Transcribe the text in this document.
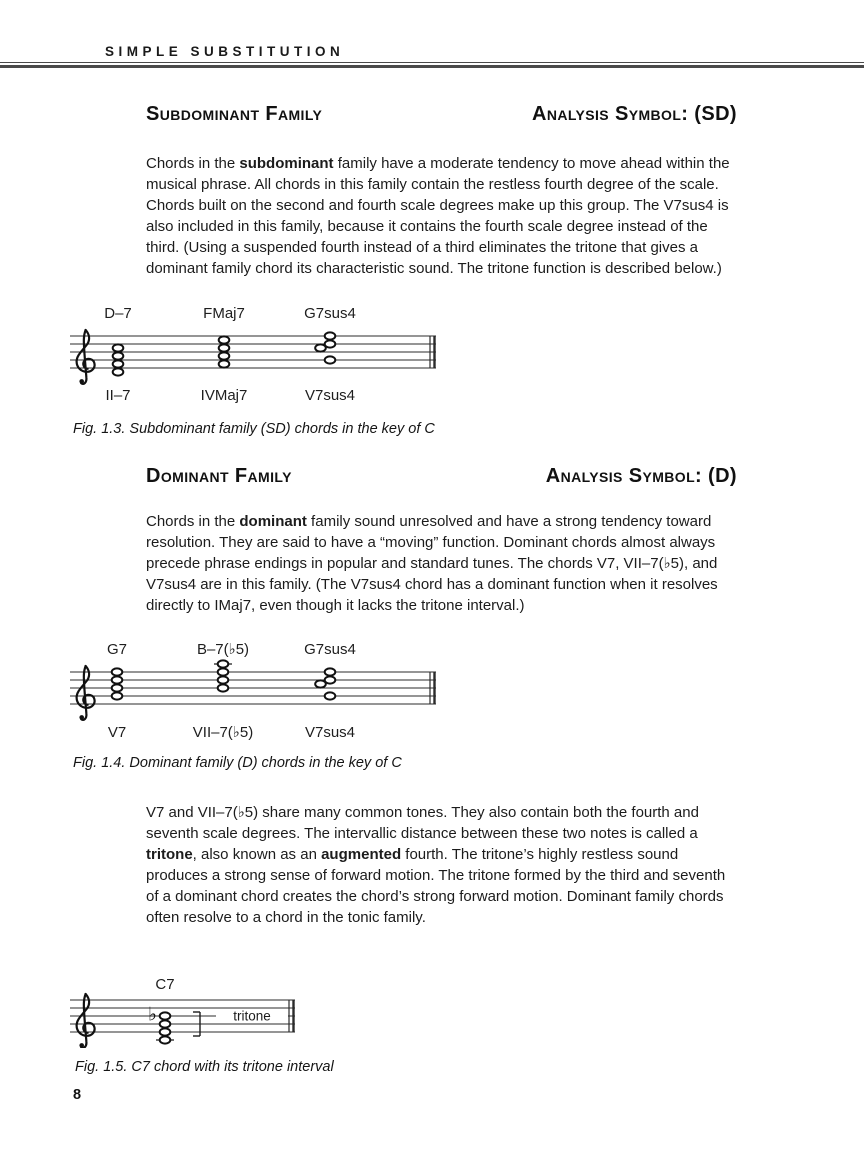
SIMPLE SUBSTITUTION
Subdominant Family	Analysis Symbol: (SD)

Chords in the subdominant family have a moderate tendency to move ahead within the musical phrase. All chords in this family contain the restless fourth degree of the scale. Chords built on the second and fourth scale degrees make up this group. The V7sus4 is also included in this family, because it contains the fourth scale degree instead of the third. (Using a suspended fourth instead of a third eliminates the tritone that gives a dominant family chord its characteristic sound. The tritone function is described below.)

D–7
II–7
FMaj7
IVMaj7
G7sus4
V7sus4
Fig. 1.3. Subdominant family (SD) chords in the key of C
Dominant Family	Analysis Symbol: (D)

Chords in the dominant family sound unresolved and have a strong tendency toward resolution. They are said to have a “moving” function. Dominant chords almost always precede phrase endings in popular and standard tunes. The chords V7, VII–7(♭5), and V7sus4 are in this family. (The V7sus4 chord has a dominant function when it resolves directly to IMaj7, even though it lacks the tritone interval.)

G7
V7
B–7(♭5)
VII–7(♭5)
G7sus4
V7sus4
Fig. 1.4. Dominant family (D) chords in the key of C

V7 and VII–7(♭5) share many common tones. They also contain both the fourth and seventh scale degrees. The intervallic distance between these two notes is called a tritone, also known as an augmented fourth. The tritone’s highly restless sound produces a strong sense of forward motion. The tritone formed by the third and seventh of a dominant chord creates the chord’s strong forward motion. Dominant family chords often resolve to a chord in the tonic family.

C7
♭	tritone
Fig. 1.5. C7 chord with its tritone interval
8
